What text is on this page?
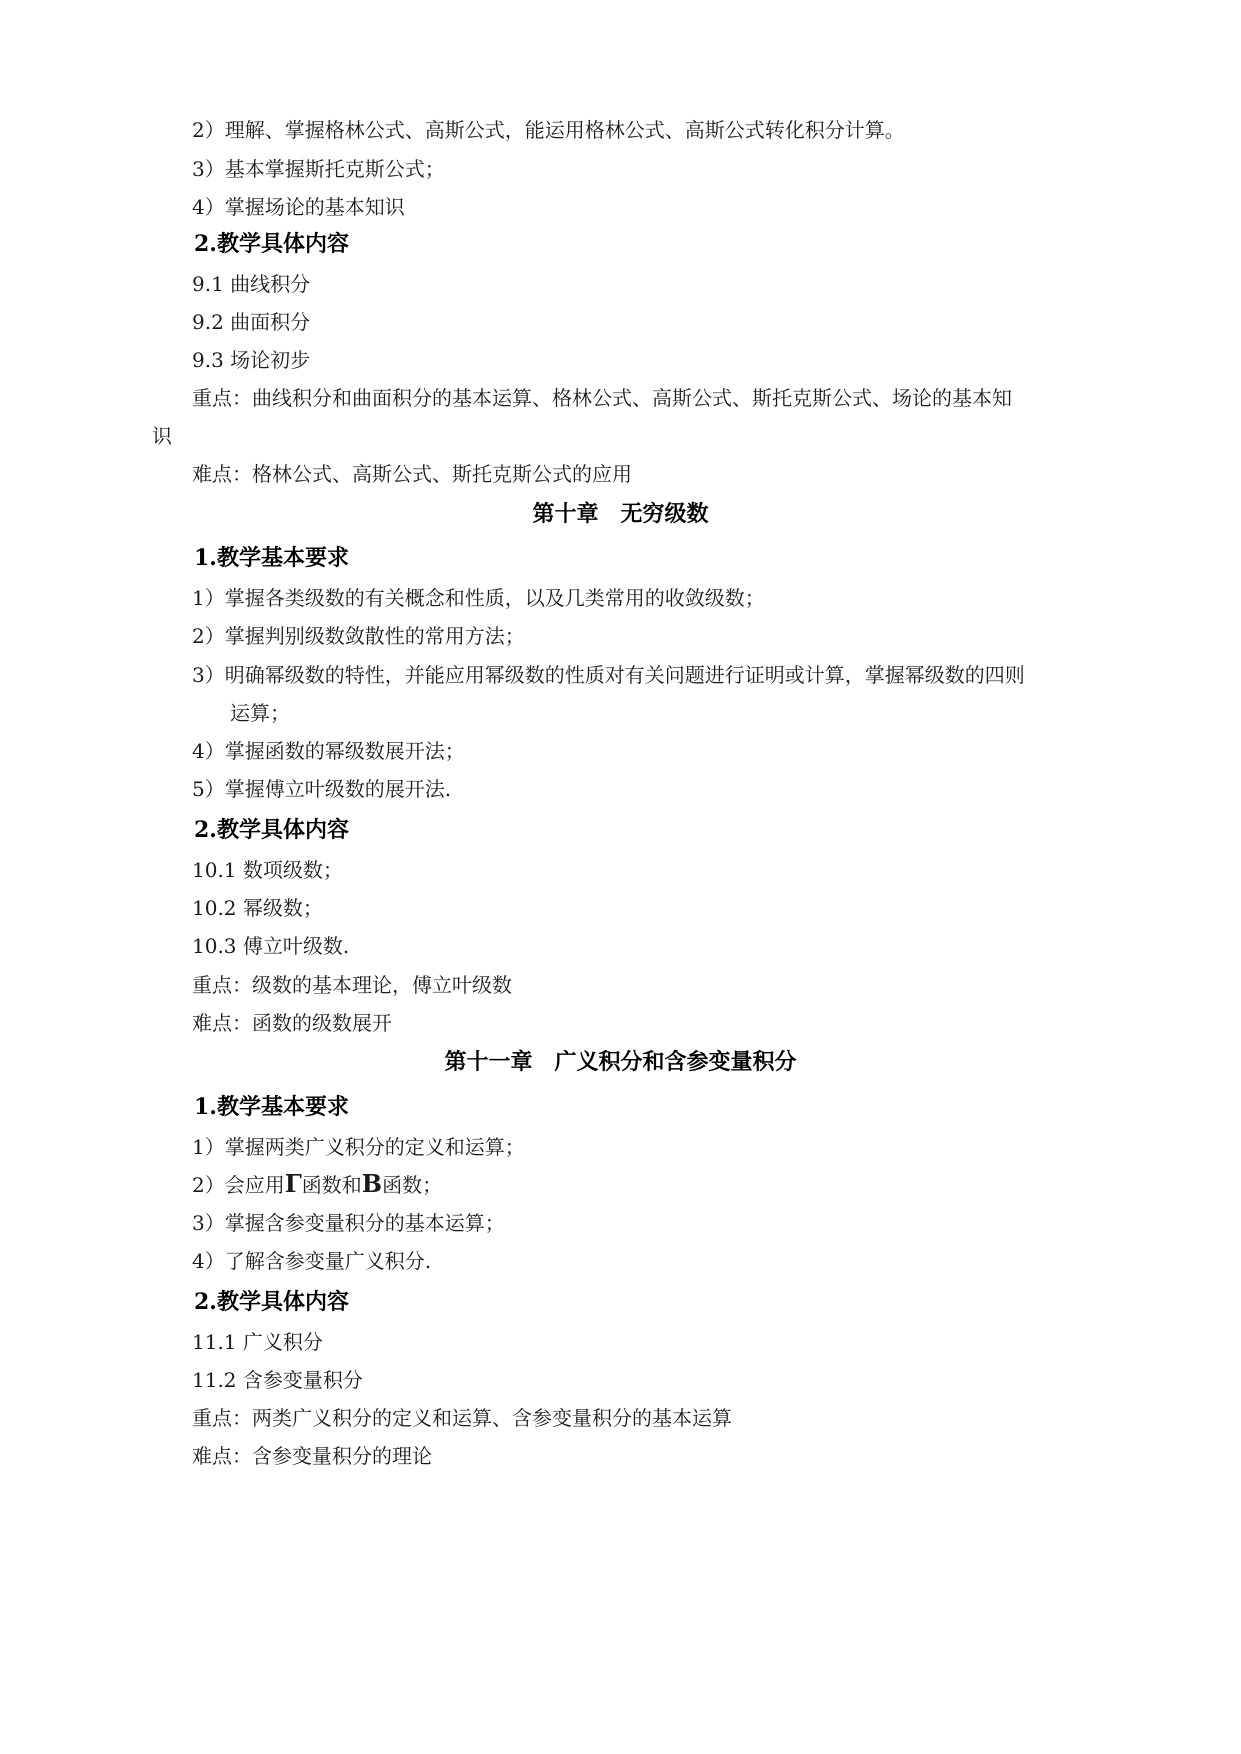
2）理解、掌握格林公式、高斯公式，能运用格林公式、高斯公式转化积分计算。
3）基本掌握斯托克斯公式；
4）掌握场论的基本知识
2.教学具体内容
9.1 曲线积分
9.2 曲面积分
9.3 场论初步
重点：曲线积分和曲面积分的基本运算、格林公式、高斯公式、斯托克斯公式、场论的基本知
识
难点：格林公式、高斯公式、斯托克斯公式的应用
第十章　无穷级数
1.教学基本要求
1）掌握各类级数的有关概念和性质，以及几类常用的收敛级数；
2）掌握判别级数敛散性的常用方法；
3）明确幂级数的特性，并能应用幂级数的性质对有关问题进行证明或计算，掌握幂级数的四则
运算；
4）掌握函数的幂级数展开法；
5）掌握傅立叶级数的展开法.
2.教学具体内容
10.1 数项级数；
10.2 幂级数；
10.3 傅立叶级数.
重点：级数的基本理论，傅立叶级数
难点：函数的级数展开
第十一章　广义积分和含参变量积分
1.教学基本要求
1）掌握两类广义积分的定义和运算；
2）会应用Γ函数和B函数；
3）掌握含参变量积分的基本运算；
4）了解含参变量广义积分.
2.教学具体内容
11.1 广义积分
11.2 含参变量积分
重点：两类广义积分的定义和运算、含参变量积分的基本运算
难点：含参变量积分的理论
